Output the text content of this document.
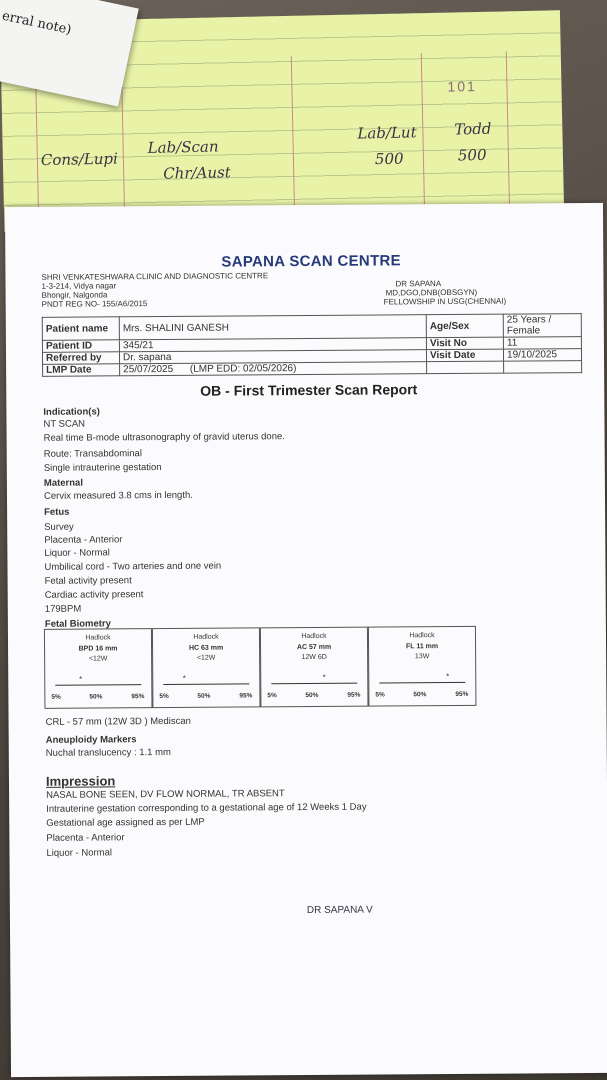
101
Cons/Lupi
Lab/Scan
Lab/Lut Todd
Chr/Aust
500	500
erral note)
SAPANA SCAN CENTRE
SHRI VENKATESHWARA CLINIC AND DIAGNOSTIC CENTRE
1-3-214, Vidya nagar
Bhongir, Nalgonda
PNDT REG NO- 155/A6/2015
DR SAPANA
MD,DGO,DNB(OBSGYN)
FELLOWSHIP IN USG(CHENNAI)
Patient name	Mrs. SHALINI GANESH	Age/Sex	25 Years / Female
Patient ID	345/21	Visit No	11
Referred by	Dr. sapana	Visit Date	19/10/2025
LMP Date	25/07/2025 (LMP EDD: 02/05/2026)		
OB - First Trimester Scan Report
Indication(s)
NT SCAN
Real time B-mode ultrasonography of gravid uterus done.
Route: Transabdominal
Single intrauterine gestation
Maternal
Cervix measured 3.8 cms in length.
Fetus
Survey
Placenta - Anterior
Liquor - Normal
Umbilical cord - Two arteries and one vein
Fetal activity present
Cardiac activity present
179BPM
Fetal Biometry
Hadlock
BPD 16 mm
<12W
*
5%	50%	95%
Hadlock
HC 63 mm
<12W
*
5%	50%	95%
Hadlock
AC 57 mm
12W 6D
*
5%	50%	95%
Hadlock
FL 11 mm
13W
*
5%	50%	95%
CRL - 57 mm (12W 3D ) Mediscan
Aneuploidy Markers
Nuchal translucency : 1.1 mm
Impression
NASAL BONE SEEN, DV FLOW NORMAL, TR ABSENT
Intrauterine gestation corresponding to a gestational age of 12 Weeks 1 Day
Gestational age assigned as per LMP
Placenta - Anterior
Liquor - Normal
DR SAPANA V
